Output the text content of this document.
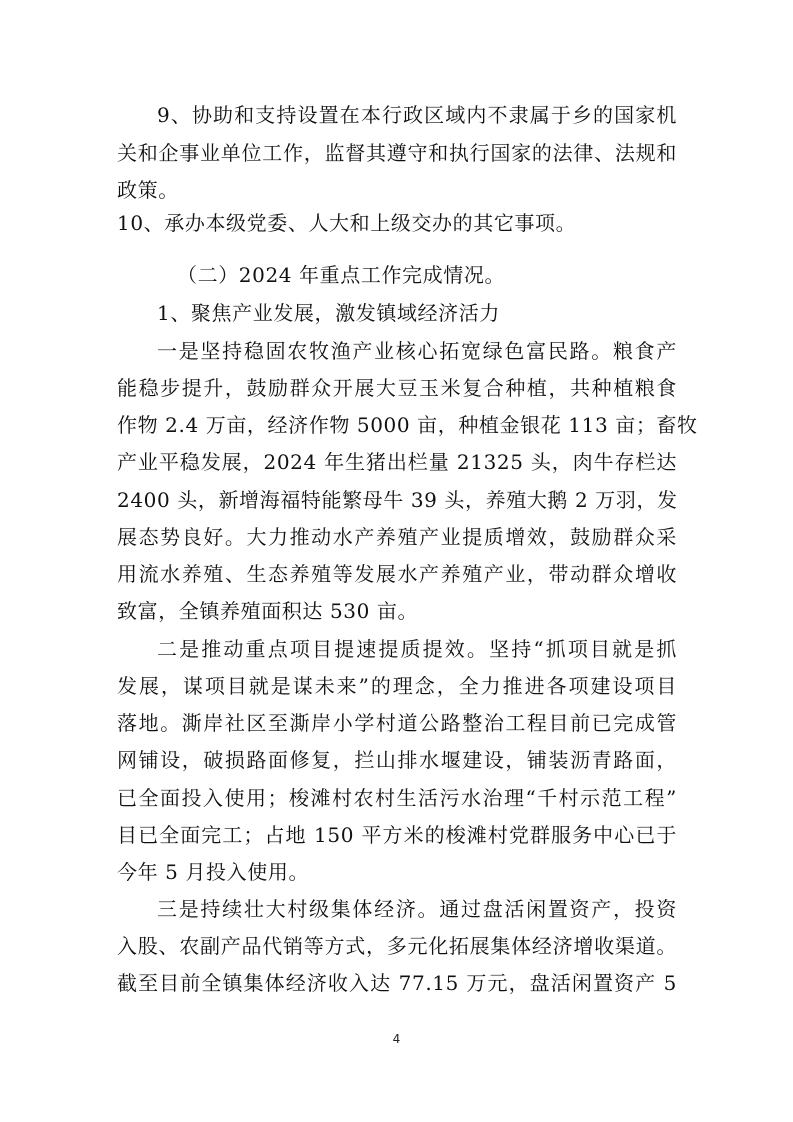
9、协助和支持设置在本行政区域内不隶属于乡的国家机
关和企事业单位工作，监督其遵守和执行国家的法律、法规和
政策。
10、承办本级党委、人大和上级交办的其它事项。
（二）2024 年重点工作完成情况。
1、聚焦产业发展，激发镇域经济活力
一是坚持稳固农牧渔产业核心拓宽绿色富民路。粮食产
能稳步提升，鼓励群众开展大豆玉米复合种植，共种植粮食
作物 2.4 万亩，经济作物 5000 亩，种植金银花 113 亩；畜牧
产业平稳发展，2024 年生猪出栏量 21325 头，肉牛存栏达
2400 头，新增海福特能繁母牛 39 头，养殖大鹅 2 万羽，发
展态势良好。大力推动水产养殖产业提质增效，鼓励群众采
用流水养殖、生态养殖等发展水产养殖产业，带动群众增收
致富，全镇养殖面积达 530 亩。
二是推动重点项目提速提质提效。坚持“抓项目就是抓
发展，谋项目就是谋未来”的理念，全力推进各项建设项目
落地。澌岸社区至澌岸小学村道公路整治工程目前已完成管
网铺设，破损路面修复，拦山排水堰建设，铺装沥青路面，
已全面投入使用；梭滩村农村生活污水治理“千村示范工程”
目已全面完工；占地 150 平方米的梭滩村党群服务中心已于
今年 5 月投入使用。
三是持续壮大村级集体经济。通过盘活闲置资产，投资
入股、农副产品代销等方式，多元化拓展集体经济增收渠道。
截至目前全镇集体经济收入达 77.15 万元，盘活闲置资产 5
4
